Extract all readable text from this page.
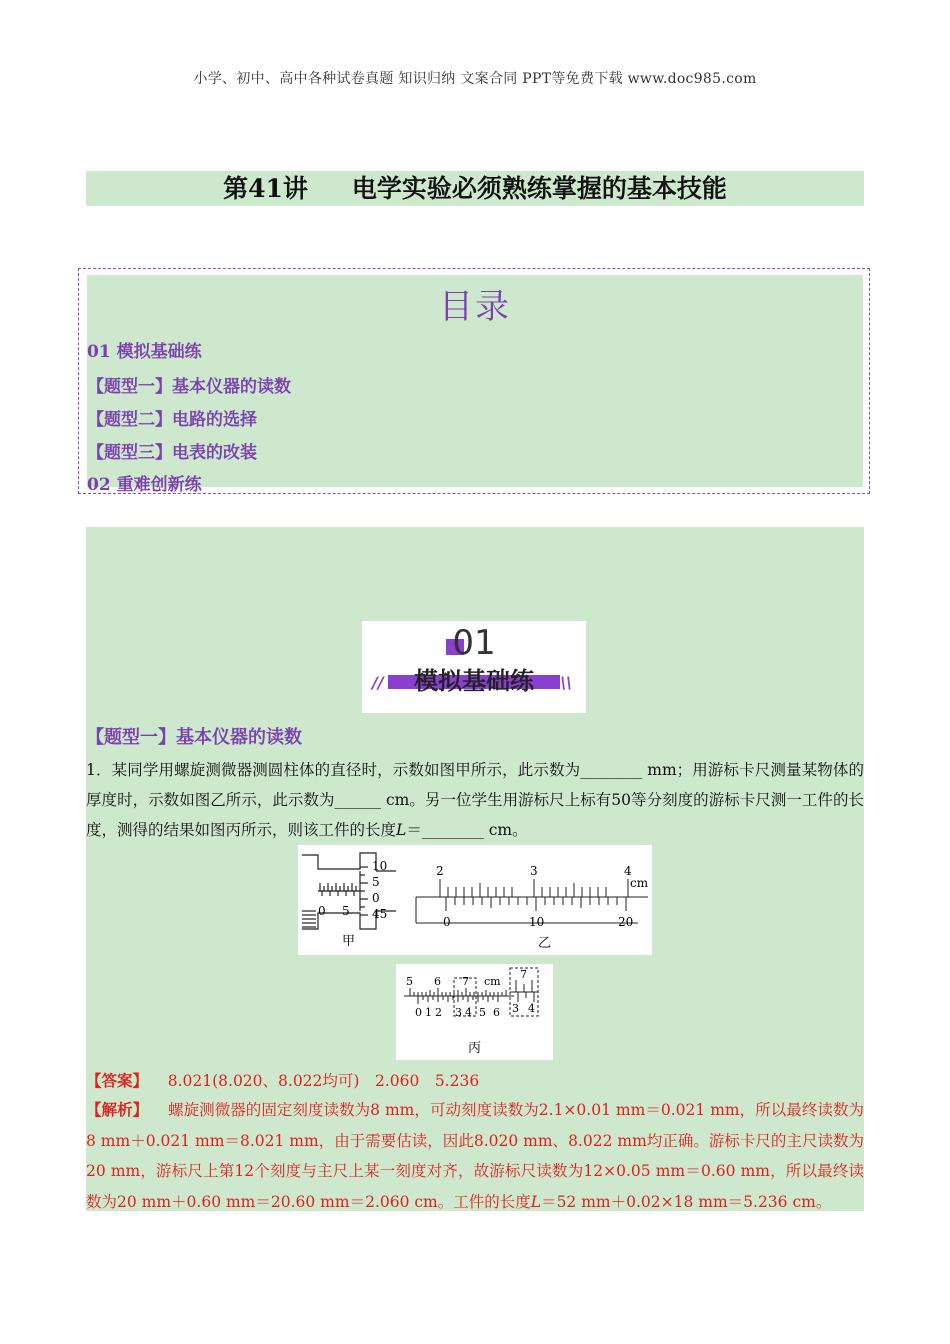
小学、初中、高中各种试卷真题 知识归纳 文案合同 PPT等免费下载 www.doc985.com
第41讲 电学实验必须熟练掌握的基本技能
目录
01 模拟基础练
【题型一】基本仪器的读数
【题型二】电路的选择
【题型三】电表的改装
02 重难创新练
01
模拟基础练
//	\\
【题型一】基本仪器的读数
1．某同学用螺旋测微器测圆柱体的直径时，示数如图甲所示，此示数为________ mm；用游标卡尺测量某物体的厚度时，示数如图乙所示，此示数为______ cm。另一位学生用游标尺上标有50等分刻度的游标卡尺测一工件的长度，测得的结果如图丙所示，则该工件的长度L＝________ cm。
0 5
10
5
0
45
甲
2	3	4
cm
0	10	20
乙
5 6 7 cm
0 1 2 3 4 5 6
7
3 4
丙
【答案】 8.021(8.020、8.022均可)　2.060　5.236
【解析】 螺旋测微器的固定刻度读数为8 mm，可动刻度读数为2.1×0.01 mm＝0.021 mm，所以最终读数为8 mm＋0.021 mm＝8.021 mm，由于需要估读，因此8.020 mm、8.022 mm均正确。游标卡尺的主尺读数为20 mm，游标尺上第12个刻度与主尺上某一刻度对齐，故游标尺读数为12×0.05 mm＝0.60 mm，所以最终读数为20 mm＋0.60 mm＝20.60 mm＝2.060 cm。工件的长度L＝52 mm＋0.02×18 mm＝5.236 cm。
